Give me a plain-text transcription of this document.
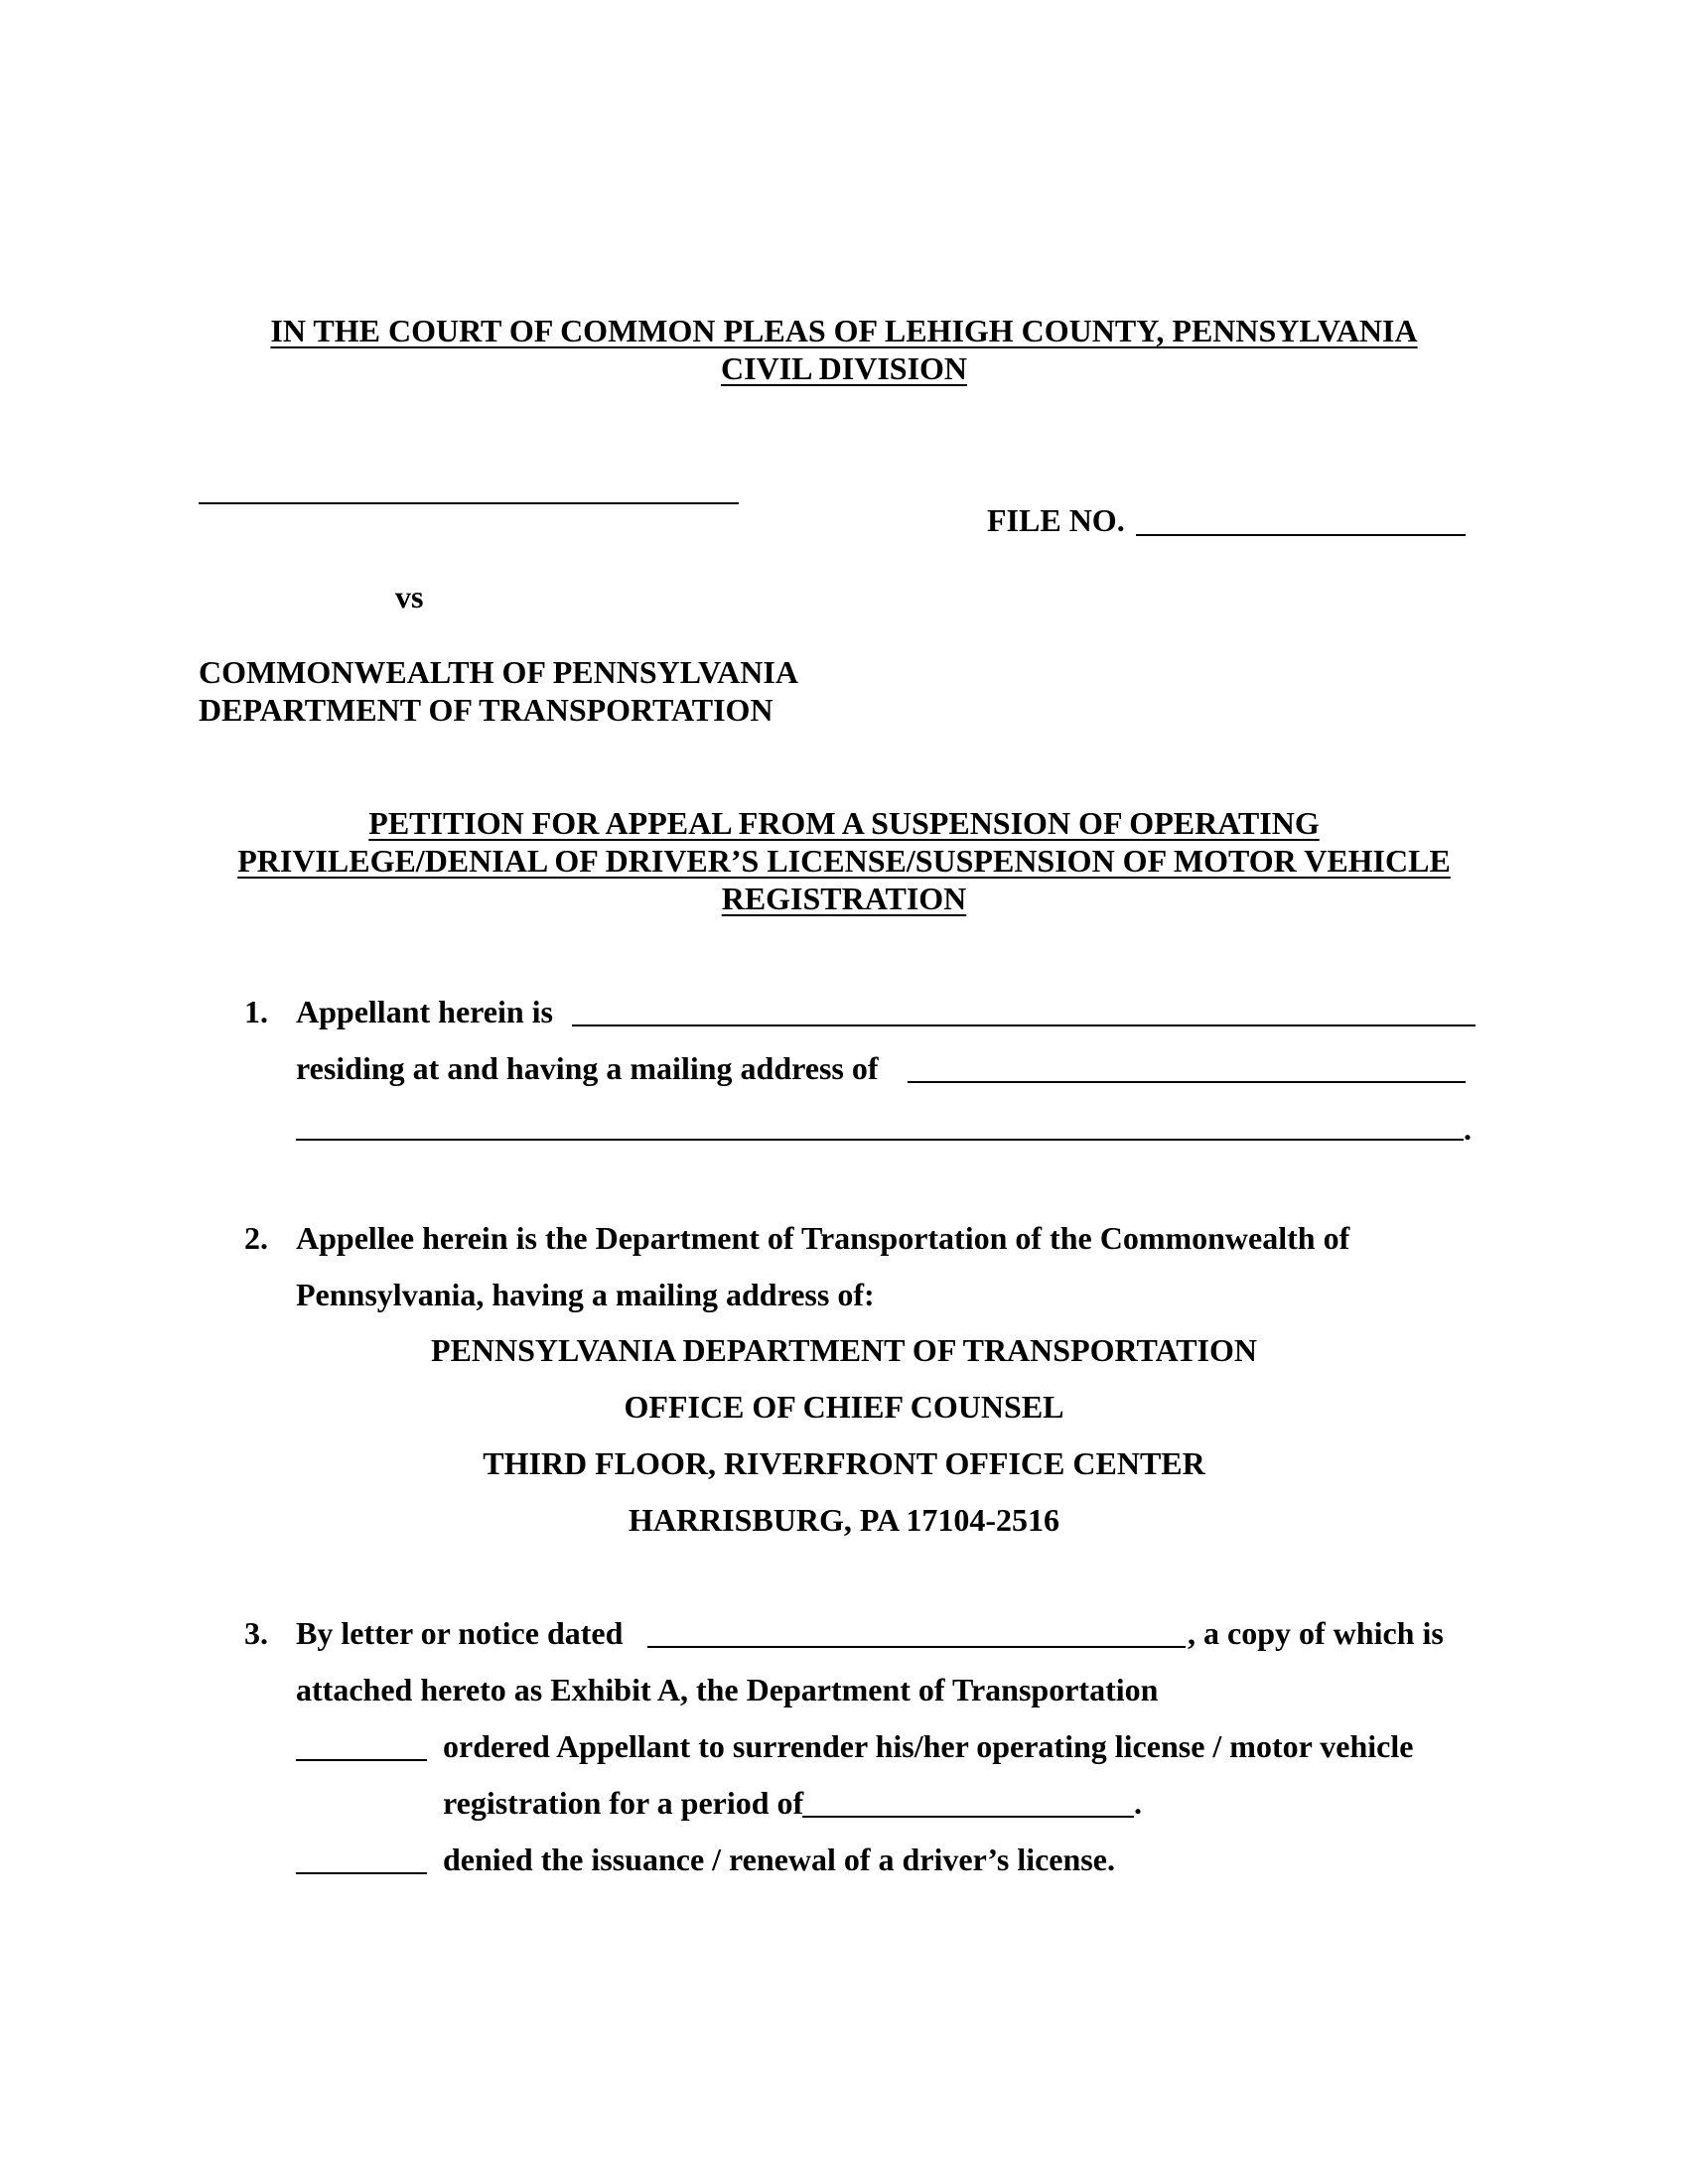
IN THE COURT OF COMMON PLEAS OF LEHIGH COUNTY, PENNSYLVANIA
CIVIL DIVISION
FILE NO.
vs
COMMONWEALTH OF PENNSYLVANIA
DEPARTMENT OF TRANSPORTATION
PETITION FOR APPEAL FROM A SUSPENSION OF OPERATING
PRIVILEGE/DENIAL OF DRIVER’S LICENSE/SUSPENSION OF MOTOR VEHICLE
REGISTRATION
1. Appellant herein is
residing at and having a mailing address of
.
2. Appellee herein is the Department of Transportation of the Commonwealth of
Pennsylvania, having a mailing address of:
PENNSYLVANIA DEPARTMENT OF TRANSPORTATION
OFFICE OF CHIEF COUNSEL
THIRD FLOOR, RIVERFRONT OFFICE CENTER
HARRISBURG, PA 17104-2516
3. By letter or notice dated	, a copy of which is
attached hereto as Exhibit A, the Department of Transportation
ordered Appellant to surrender his/her operating license / motor vehicle
registration for a period of	.
denied the issuance / renewal of a driver’s license.
